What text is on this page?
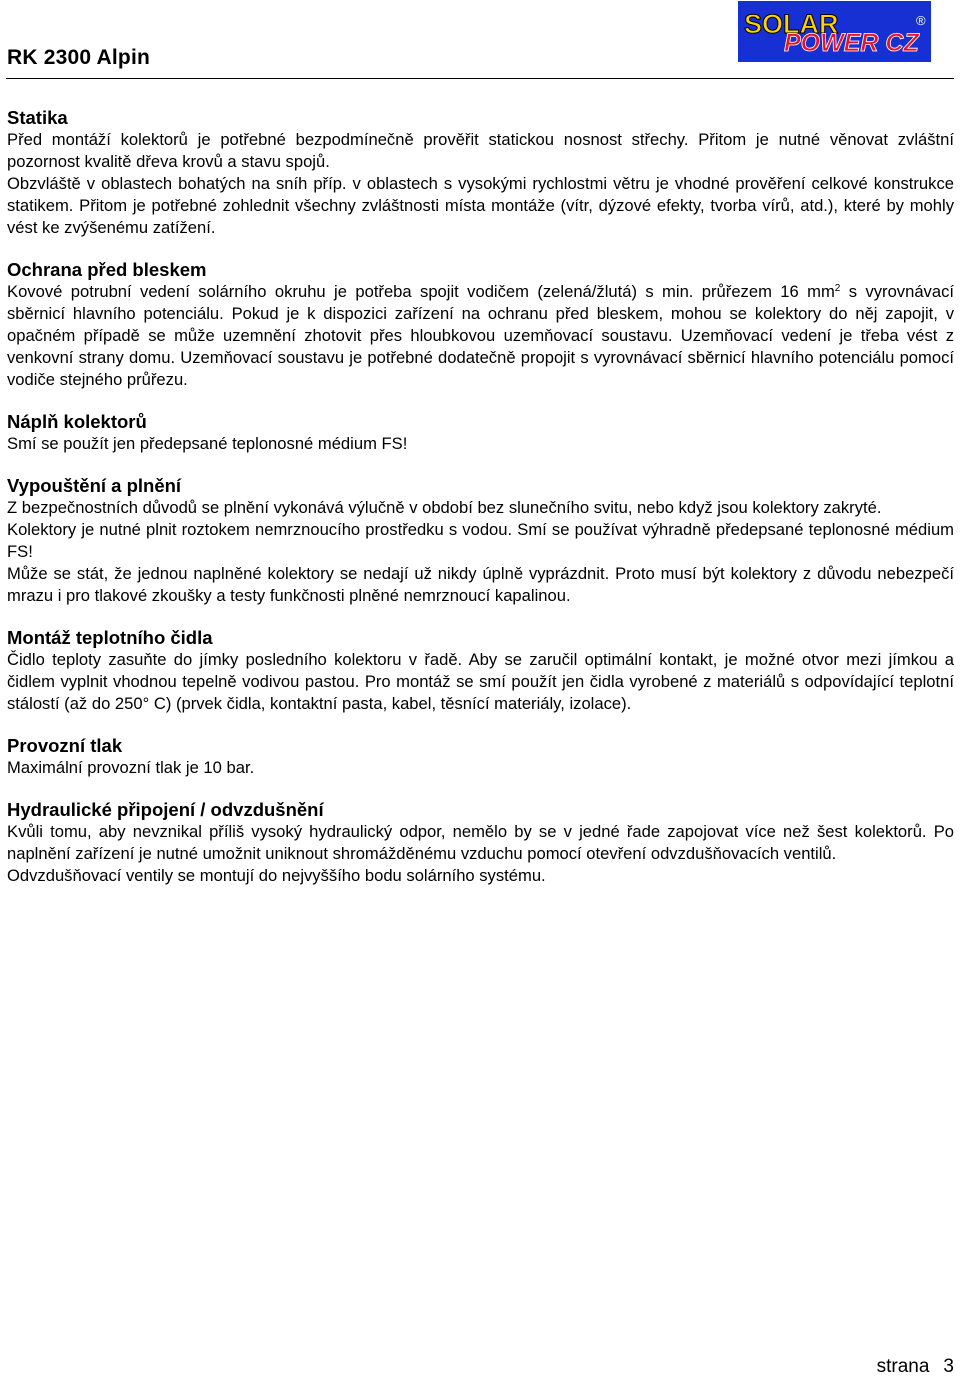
RK 2300 Alpin
SOLAR
POWER CZ
®
Statika

Před montáží kolektorů je potřebné bezpodmínečně prověřit statickou nosnost střechy. Přitom je nutné věnovat zvláštní pozornost kvalitě dřeva krovů a stavu spojů.

Obzvláště v oblastech bohatých na sníh příp. v oblastech s vysokými rychlostmi větru je vhodné prověření celkové konstrukce statikem. Přitom je potřebné zohlednit všechny zvláštnosti místa montáže (vítr, dýzové efekty, tvorba vírů, atd.), které by mohly vést ke zvýšenému zatížení.

Ochrana před bleskem

Kovové potrubní vedení solárního okruhu je potřeba spojit vodičem (zelená/žlutá) s min. průřezem 16 $mm^2$ s vyrovnávací sběrnicí hlavního potenciálu. Pokud je k dispozici zařízení na ochranu před bleskem, mohou se kolektory do něj zapojit, v opačném případě se může uzemnění zhotovit přes hloubkovou uzemňovací soustavu. Uzemňovací vedení je třeba vést z venkovní strany domu. Uzemňovací soustavu je potřebné dodatečně propojit s vyrovnávací sběrnicí hlavního potenciálu pomocí vodiče stejného průřezu.

Náplň kolektorů

Smí se použít jen předepsané teplonosné médium FS!

Vypouštění a plnění

Z bezpečnostních důvodů se plnění vykonává výlučně v období bez slunečního svitu, nebo když jsou kolektory zakryté.

Kolektory je nutné plnit roztokem nemrznoucího prostředku s vodou. Smí se používat výhradně předepsané teplonosné médium FS!

Může se stát, že jednou naplněné kolektory se nedají už nikdy úplně vyprázdnit. Proto musí být kolektory z důvodu nebezpečí mrazu i pro tlakové zkoušky a testy funkčnosti plněné nemrznoucí kapalinou.

Montáž teplotního čidla

Čidlo teploty zasuňte do jímky posledního kolektoru v řadě. Aby se zaručil optimální kontakt, je možné otvor mezi jímkou a čidlem vyplnit vhodnou tepelně vodivou pastou. Pro montáž se smí použít jen čidla vyrobené z materiálů s odpovídající teplotní stálostí (až do 250° C) (prvek čidla, kontaktní pasta, kabel, těsnící materiály, izolace).

Provozní tlak

Maximální provozní tlak je 10 bar.

Hydraulické připojení / odvzdušnění

Kvůli tomu, aby nevznikal příliš vysoký hydraulický odpor, nemělo by se v jedné řade zapojovat více než šest kolektorů. Po naplnění zařízení je nutné umožnit uniknout shromážděnému vzduchu pomocí otevření odvzdušňovacích ventilů.

Odvzdušňovací ventily se montují do nejvyššího bodu solárního systému.

strana 3
